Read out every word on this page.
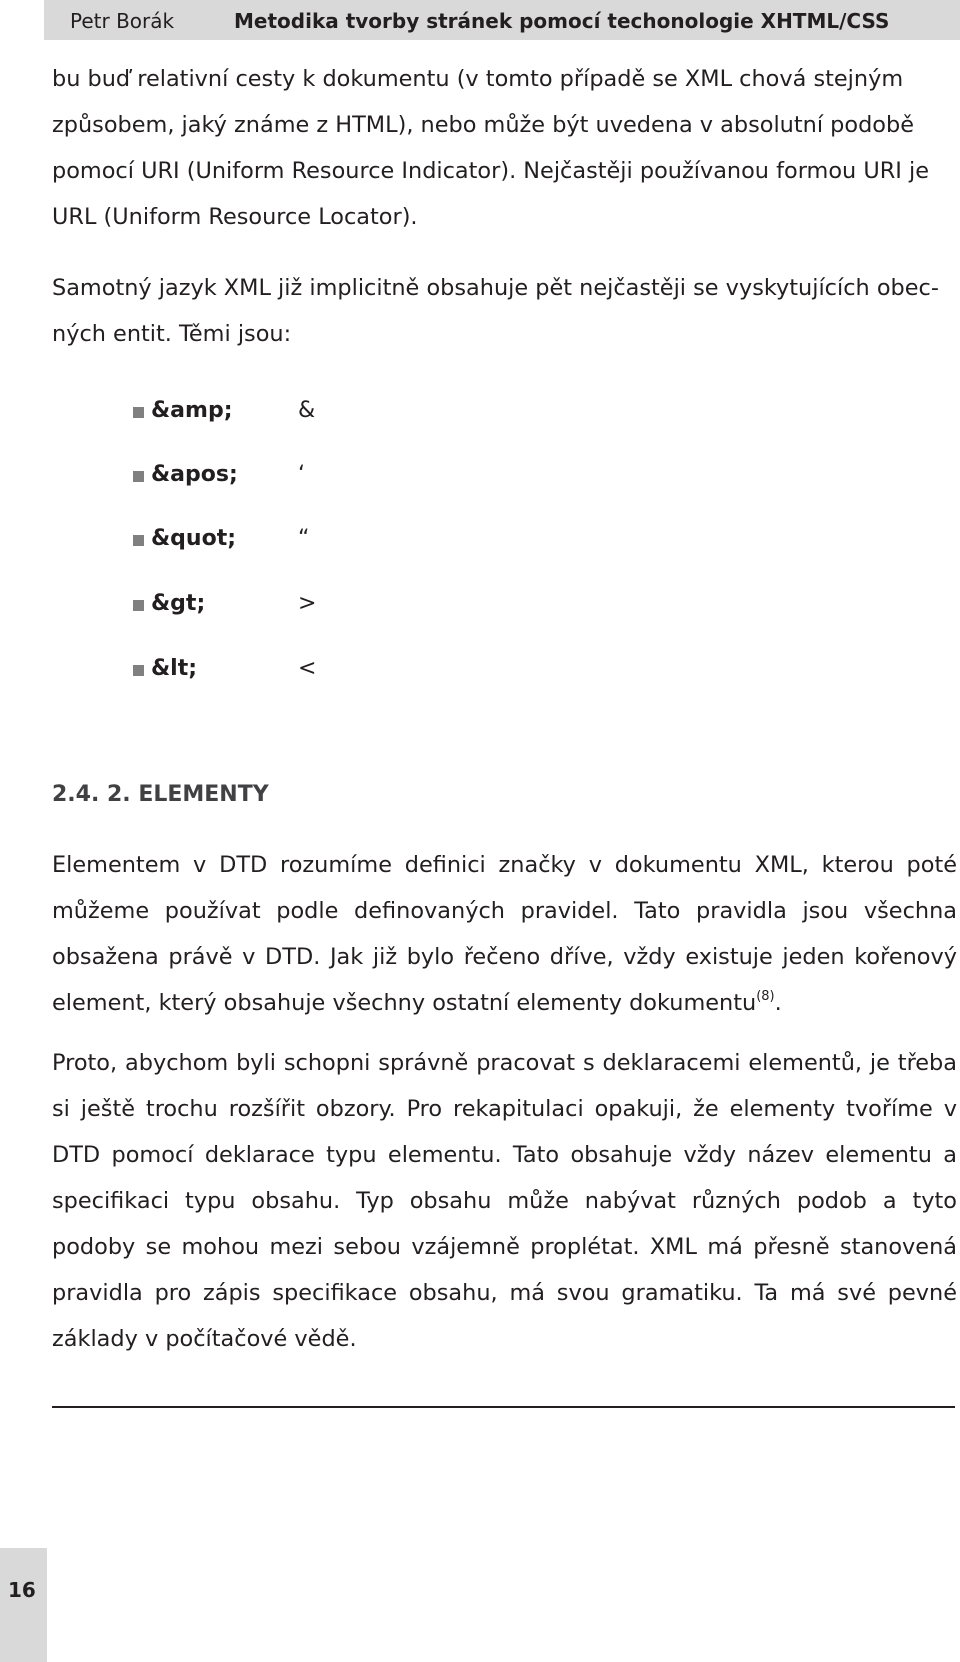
Petr Borák	Metodika tvorby stránek pomocí techonologie XHTML/CSS

bu buď relativní cesty k dokumentu (v tomto případě se XML chová stejným způsobem, jaký známe z HTML), nebo může být uvedena v absolutní podobě pomocí URI (Uniform Resource Indicator). Nejčastěji používanou formou URI je URL (Uniform Resource Locator).

Samotný jazyk XML již implicitně obsahuje pět nejčastěji se vyskytujících obec-ných entit. Těmi jsou:

&amp;	&
&apos;	‘
&quot;	“
&gt;	>
&lt;	<
2.4. 2. ELEMENTY

Elementem v DTD rozumíme definici značky v dokumentu XML, kterou poté můžeme používat podle definovaných pravidel. Tato pravidla jsou všechna obsažena právě v DTD. Jak již bylo řečeno dříve, vždy existuje jeden kořenový element, který obsahuje všechny ostatní elementy dokumentu$^{(8)}$.

Proto, abychom byli schopni správně pracovat s deklaracemi elementů, je třeba si ještě trochu rozšířit obzory. Pro rekapitulaci opakuji, že elementy tvoříme v DTD pomocí deklarace typu elementu. Tato obsahuje vždy název elementu a specifikaci typu obsahu. Typ obsahu může nabývat různých podob a tyto podoby se mohou mezi sebou vzájemně proplétat. XML má přesně stanovená pravidla pro zápis specifikace obsahu, má svou gramatiku. Ta má své pevné základy v počítačové vědě.

16
